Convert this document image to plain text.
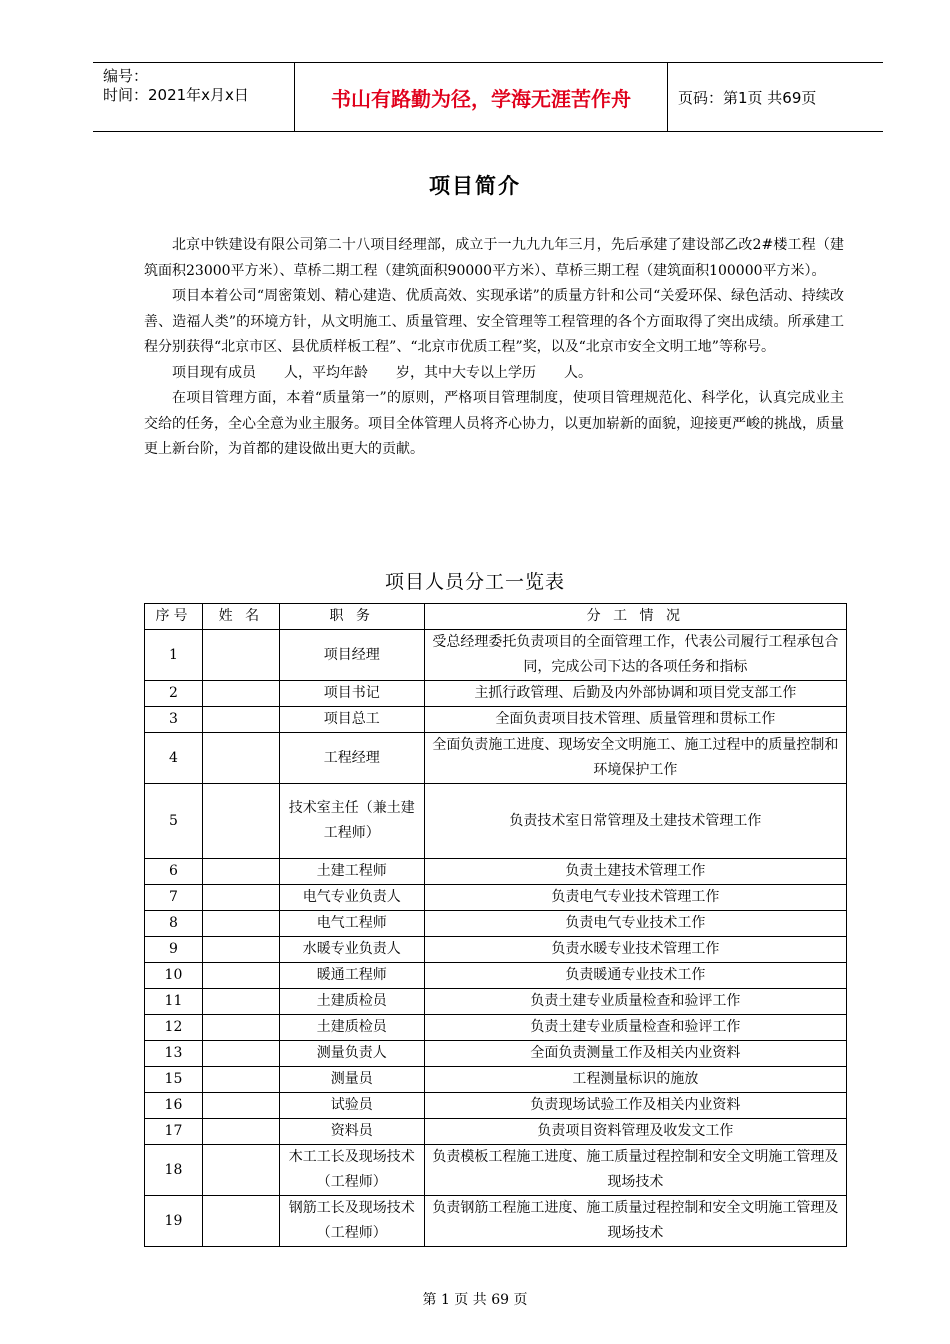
编号：
时间：2021年x月x日	书山有路勤为径，学海无涯苦作舟	页码：第1页 共69页
项目简介

北京中铁建设有限公司第二十八项目经理部，成立于一九九九年三月，先后承建了建设部乙改2#楼工程（建筑面积23000平方米）、草桥二期工程（建筑面积90000平方米）、草桥三期工程（建筑面积100000平方米）。

项目本着公司“周密策划、精心建造、优质高效、实现承诺”的质量方针和公司“关爱环保、绿色活动、持续改善、造福人类”的环境方针，从文明施工、质量管理、安全管理等工程管理的各个方面取得了突出成绩。所承建工程分别获得“北京市区、县优质样板工程”、“北京市优质工程”奖，以及“北京市安全文明工地”等称号。

项目现有成员　　人，平均年龄　　岁，其中大专以上学历　　人。

在项目管理方面，本着“质量第一”的原则，严格项目管理制度，使项目管理规范化、科学化，认真完成业主交给的任务，全心全意为业主服务。项目全体管理人员将齐心协力，以更加崭新的面貌，迎接更严峻的挑战，质量更上新台阶，为首都的建设做出更大的贡献。

项目人员分工一览表
序号	姓 名	职 务	分 工 情 况
1		项目经理	受总经理委托负责项目的全面管理工作，代表公司履行工程承包合同，完成公司下达的各项任务和指标
2		项目书记	主抓行政管理、后勤及内外部协调和项目党支部工作
3		项目总工	全面负责项目技术管理、质量管理和贯标工作
4		工程经理	全面负责施工进度、现场安全文明施工、施工过程中的质量控制和环境保护工作
5		技术室主任（兼土建工程师）	负责技术室日常管理及土建技术管理工作
6		土建工程师	负责土建技术管理工作
7		电气专业负责人	负责电气专业技术管理工作
8		电气工程师	负责电气专业技术工作
9		水暖专业负责人	负责水暖专业技术管理工作
10		暖通工程师	负责暖通专业技术工作
11		土建质检员	负责土建专业质量检查和验评工作
12		土建质检员	负责土建专业质量检查和验评工作
13		测量负责人	全面负责测量工作及相关内业资料
15		测量员	工程测量标识的施放
16		试验员	负责现场试验工作及相关内业资料
17		资料员	负责项目资料管理及收发文工作
18		木工工长及现场技术（工程师）	负责模板工程施工进度、施工质量过程控制和安全文明施工管理及现场技术
19		钢筋工长及现场技术（工程师）	负责钢筋工程施工进度、施工质量过程控制和安全文明施工管理及现场技术
第 1 页 共 69 页
